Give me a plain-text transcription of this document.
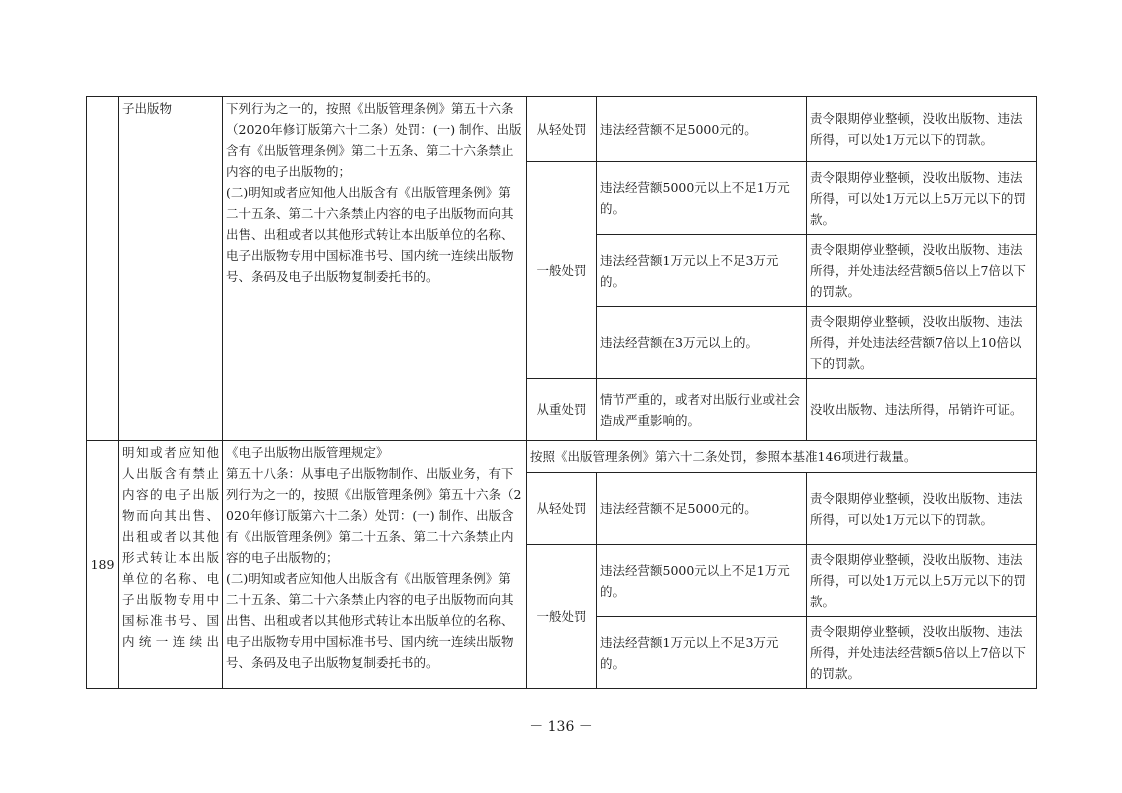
	子出版物	下列行为之一的，按照《出版管理条例》第五十六条（2020年修订版第六十二条）处罚：(一) 制作、出版含有《出版管理条例》第二十五条、第二十六条禁止内容的电子出版物的；

(二)明知或者应知他人出版含有《出版管理条例》第二十五条、第二十六条禁止内容的电子出版物而向其出售、出租或者以其他形式转让本出版单位的名称、电子出版物专用中国标准书号、国内统一连续出版物号、条码及电子出版物复制委托书的。	从轻处罚	违法经营额不足5000元的。	责令限期停业整顿，没收出版物、违法所得，可以处1万元以下的罚款。
			一般处罚	违法经营额5000元以上不足1万元的。	责令限期停业整顿，没收出版物、违法所得，可以处1万元以上5万元以下的罚款。
				违法经营额1万元以上不足3万元的。	责令限期停业整顿，没收出版物、违法所得，并处违法经营额5倍以上7倍以下的罚款。
				违法经营额在3万元以上的。	责令限期停业整顿，没收出版物、违法所得，并处违法经营额7倍以上10倍以下的罚款。
			从重处罚	情节严重的，或者对出版行业或社会造成严重影响的。	没收出版物、违法所得，吊销许可证。
189	明知或者应知他人出版含有禁止内容的电子出版物而向其出售、出租或者以其他形式转让本出版单位的名称、电子出版物专用中国标准书号、国内统一连续出	《电子出版物出版管理规定》

第五十八条：从事电子出版物制作、出版业务，有下列行为之一的，按照《出版管理条例》第五十六条（2020年修订版第六十二条）处罚：(一) 制作、出版含有《出版管理条例》第二十五条、第二十六条禁止内容的电子出版物的；

(二)明知或者应知他人出版含有《出版管理条例》第二十五条、第二十六条禁止内容的电子出版物而向其出售、出租或者以其他形式转让本出版单位的名称、电子出版物专用中国标准书号、国内统一连续出版物号、条码及电子出版物复制委托书的。	按照《出版管理条例》第六十二条处罚，参照本基准146项进行裁量。		
			从轻处罚	违法经营额不足5000元的。	责令限期停业整顿，没收出版物、违法所得，可以处1万元以下的罚款。
			一般处罚	违法经营额5000元以上不足1万元的。	责令限期停业整顿，没收出版物、违法所得，可以处1万元以上5万元以下的罚款。
				违法经营额1万元以上不足3万元的。	责令限期停业整顿，没收出版物、违法所得，并处违法经营额5倍以上7倍以下的罚款。
－ 136 －
